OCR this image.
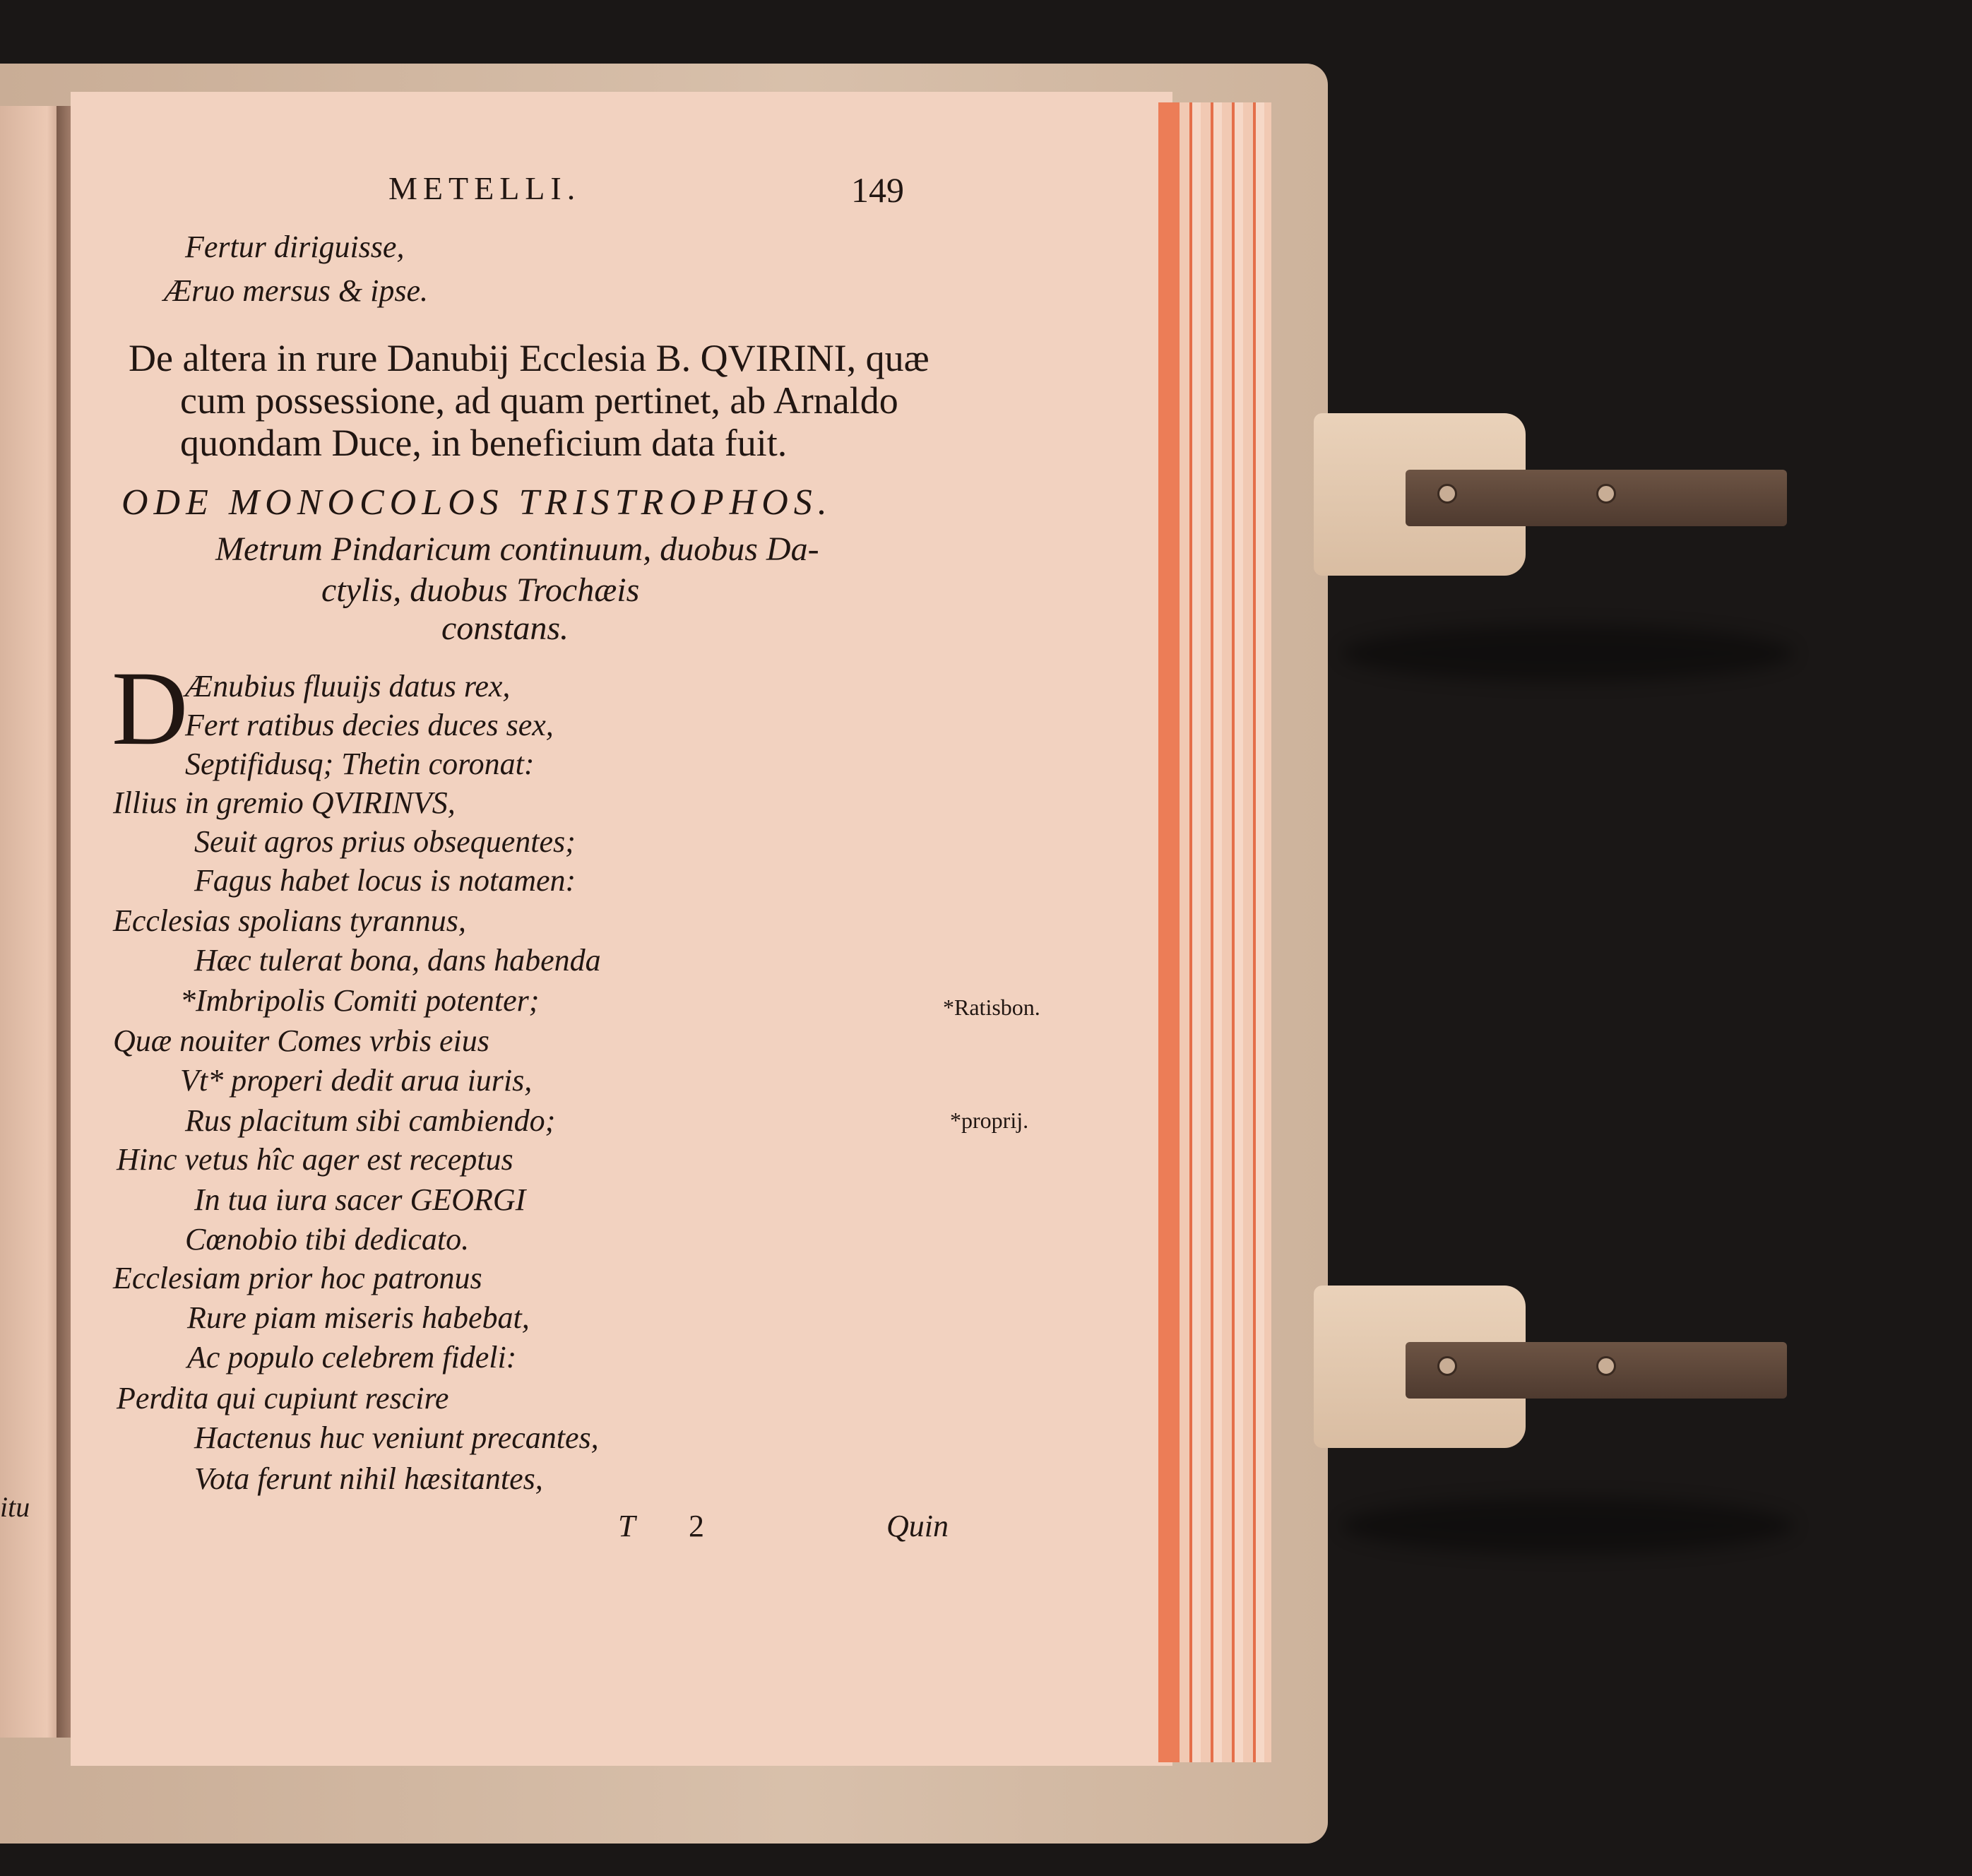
METELLI.	149
Fertur diriguisse,
Æruo mersus & ipse.
De altera in rure Danubij Ecclesia B. QVIRINI, quæ
cum possessione, ad quam pertinet, ab Arnaldo
quondam Duce, in beneficium data fuit.
ODE MONOCOLOS TRISTROPHOS.
Metrum Pindaricum continuum, duobus Da-
ctylis, duobus Trochæis
constans.
D
Ænubius fluuijs datus rex,
Fert ratibus decies duces sex,
Septifidusq; Thetin coronat:
Illius in gremio QVIRINVS,
Seuit agros prius obsequentes;
Fagus habet locus is notamen:
Ecclesias spolians tyrannus,
Hæc tulerat bona, dans habenda
*Imbripolis Comiti potenter;
Quæ nouiter Comes vrbis eius
Vt* properi dedit arua iuris,
Rus placitum sibi cambiendo;
Hinc vetus hîc ager est receptus
In tua iura sacer GEORGI
Cœnobio tibi dedicato.
Ecclesiam prior hoc patronus
Rure piam miseris habebat,
Ac populo celebrem fideli:
Perdita qui cupiunt rescire
Hactenus huc veniunt precantes,
Vota ferunt nihil hæsitantes,
*Ratisbon.
*proprij.
T 2	Quin
itu
